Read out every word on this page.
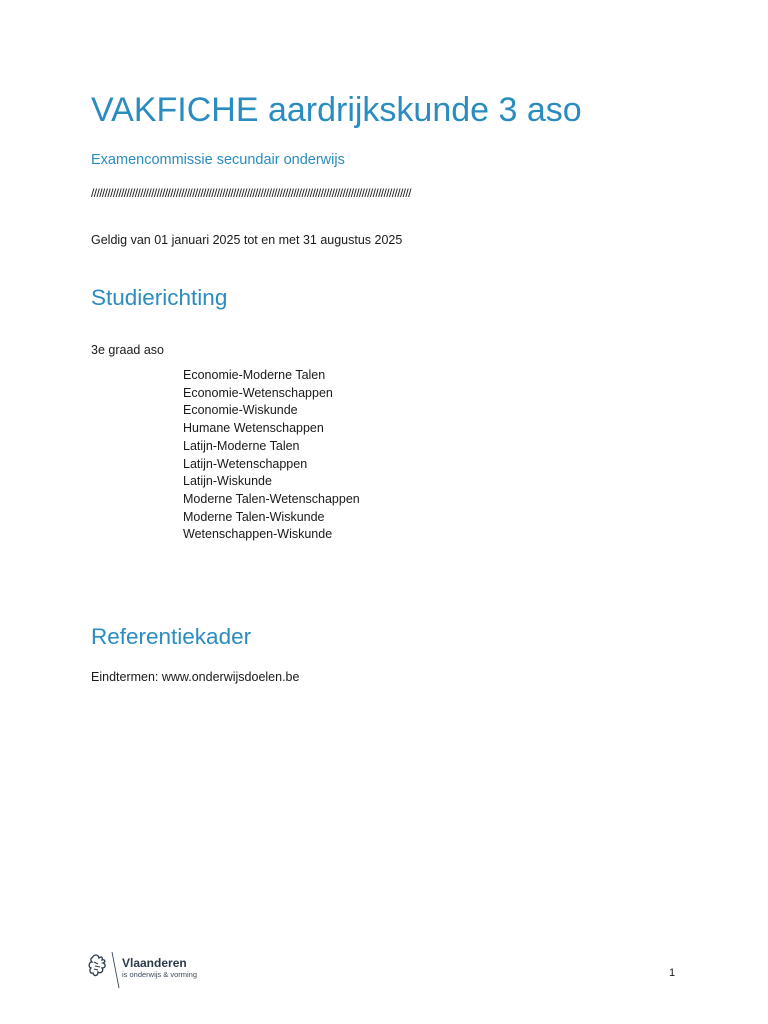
VAKFICHE aardrijkskunde 3 aso
Examencommissie secundair onderwijs
/////////////////////////////////////////////////////////////////////////////////////////////////////////////////////
Geldig van 01 januari 2025 tot en met 31 augustus 2025
Studierichting
3e graad aso
Economie-Moderne Talen
Economie-Wetenschappen
Economie-Wiskunde
Humane Wetenschappen
Latijn-Moderne Talen
Latijn-Wetenschappen
Latijn-Wiskunde
Moderne Talen-Wetenschappen
Moderne Talen-Wiskunde
Wetenschappen-Wiskunde
Referentiekader
Eindtermen: www.onderwijsdoelen.be
Vlaanderen
is onderwijs & vorming	1
